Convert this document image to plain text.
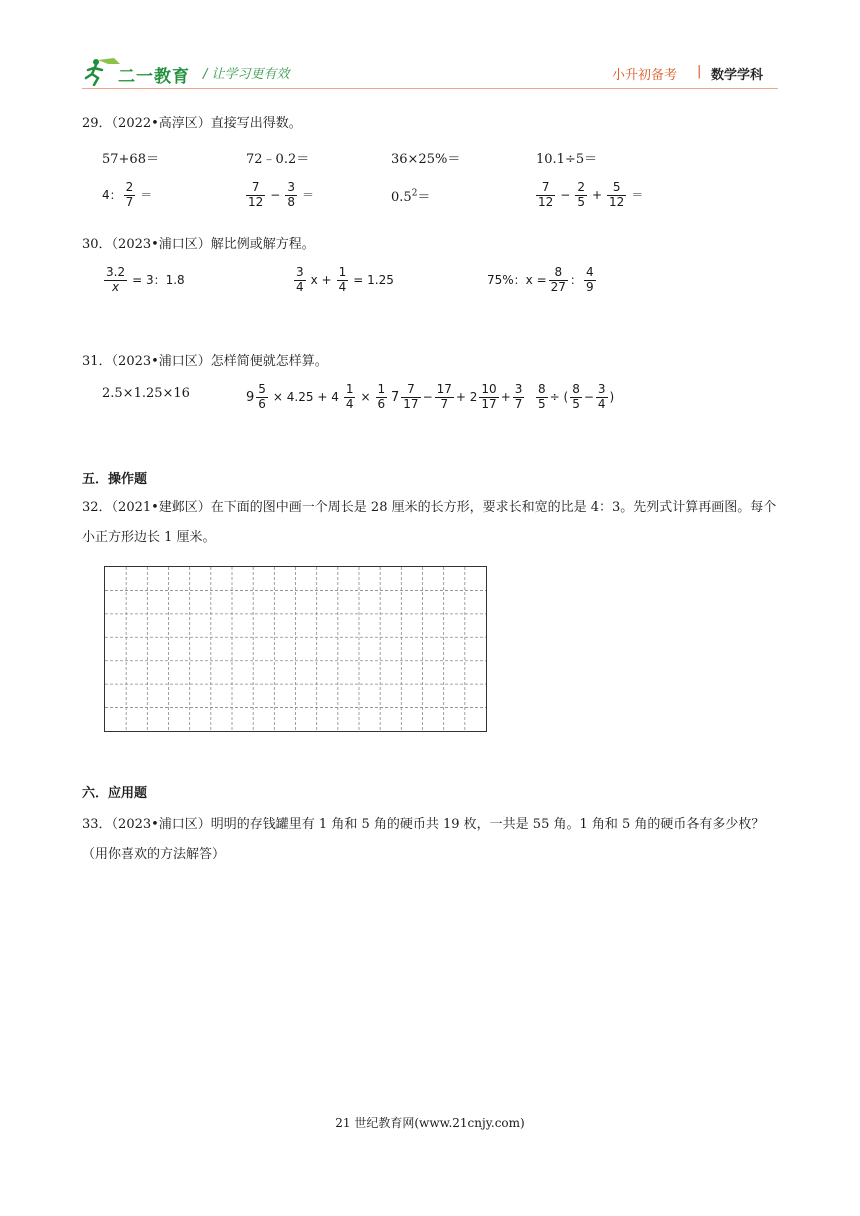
二一教育 / 让学习更有效	小升初备考 | 数学学科
29．（2022•高淳区）直接写出得数。
57+68＝	72﹣0.2＝	36×25%＝	10.1÷5＝
4： $\frac{2}{7}$ ＝	$\frac{7}{12} - \frac{3}{8}$ ＝	$0.5^2=$	$\frac{7}{12} - \frac{2}{5} + \frac{5}{12}$ ＝
30．（2023•浦口区）解比例或解方程。
$\frac{3.2}{x} = 3$：1.8	$\frac{3}{4}$ $x + \frac{1}{4} = 1.25$	75%：$x = \frac{8}{27}$ ： $\frac{4}{9}$
31．（2023•浦口区）怎样简便就怎样算。
2.5×1.25×16	$9 \frac{5}{6} \times 4.25 + 4 \frac{1}{4} \times \frac{1}{6} 7 \frac{7}{17} - \frac{17}{7} + 2 \frac{10}{17} + \frac{3}{7} \frac{8}{5}$ ÷ ( $\frac{8}{5} - \frac{3}{4}$ )
五．操作题
32．（2021•建邺区）在下面的图中画一个周长是 28 厘米的长方形，要求长和宽的比是 4：3。先列式计算再画图。每个小正方形边长 1 厘米。
六．应用题
33．（2023•浦口区）明明的存钱罐里有 1 角和 5 角的硬币共 19 枚，一共是 55 角。1 角和 5 角的硬币各有多少枚？（用你喜欢的方法解答）
21 世纪教育网(www.21cnjy.com)
